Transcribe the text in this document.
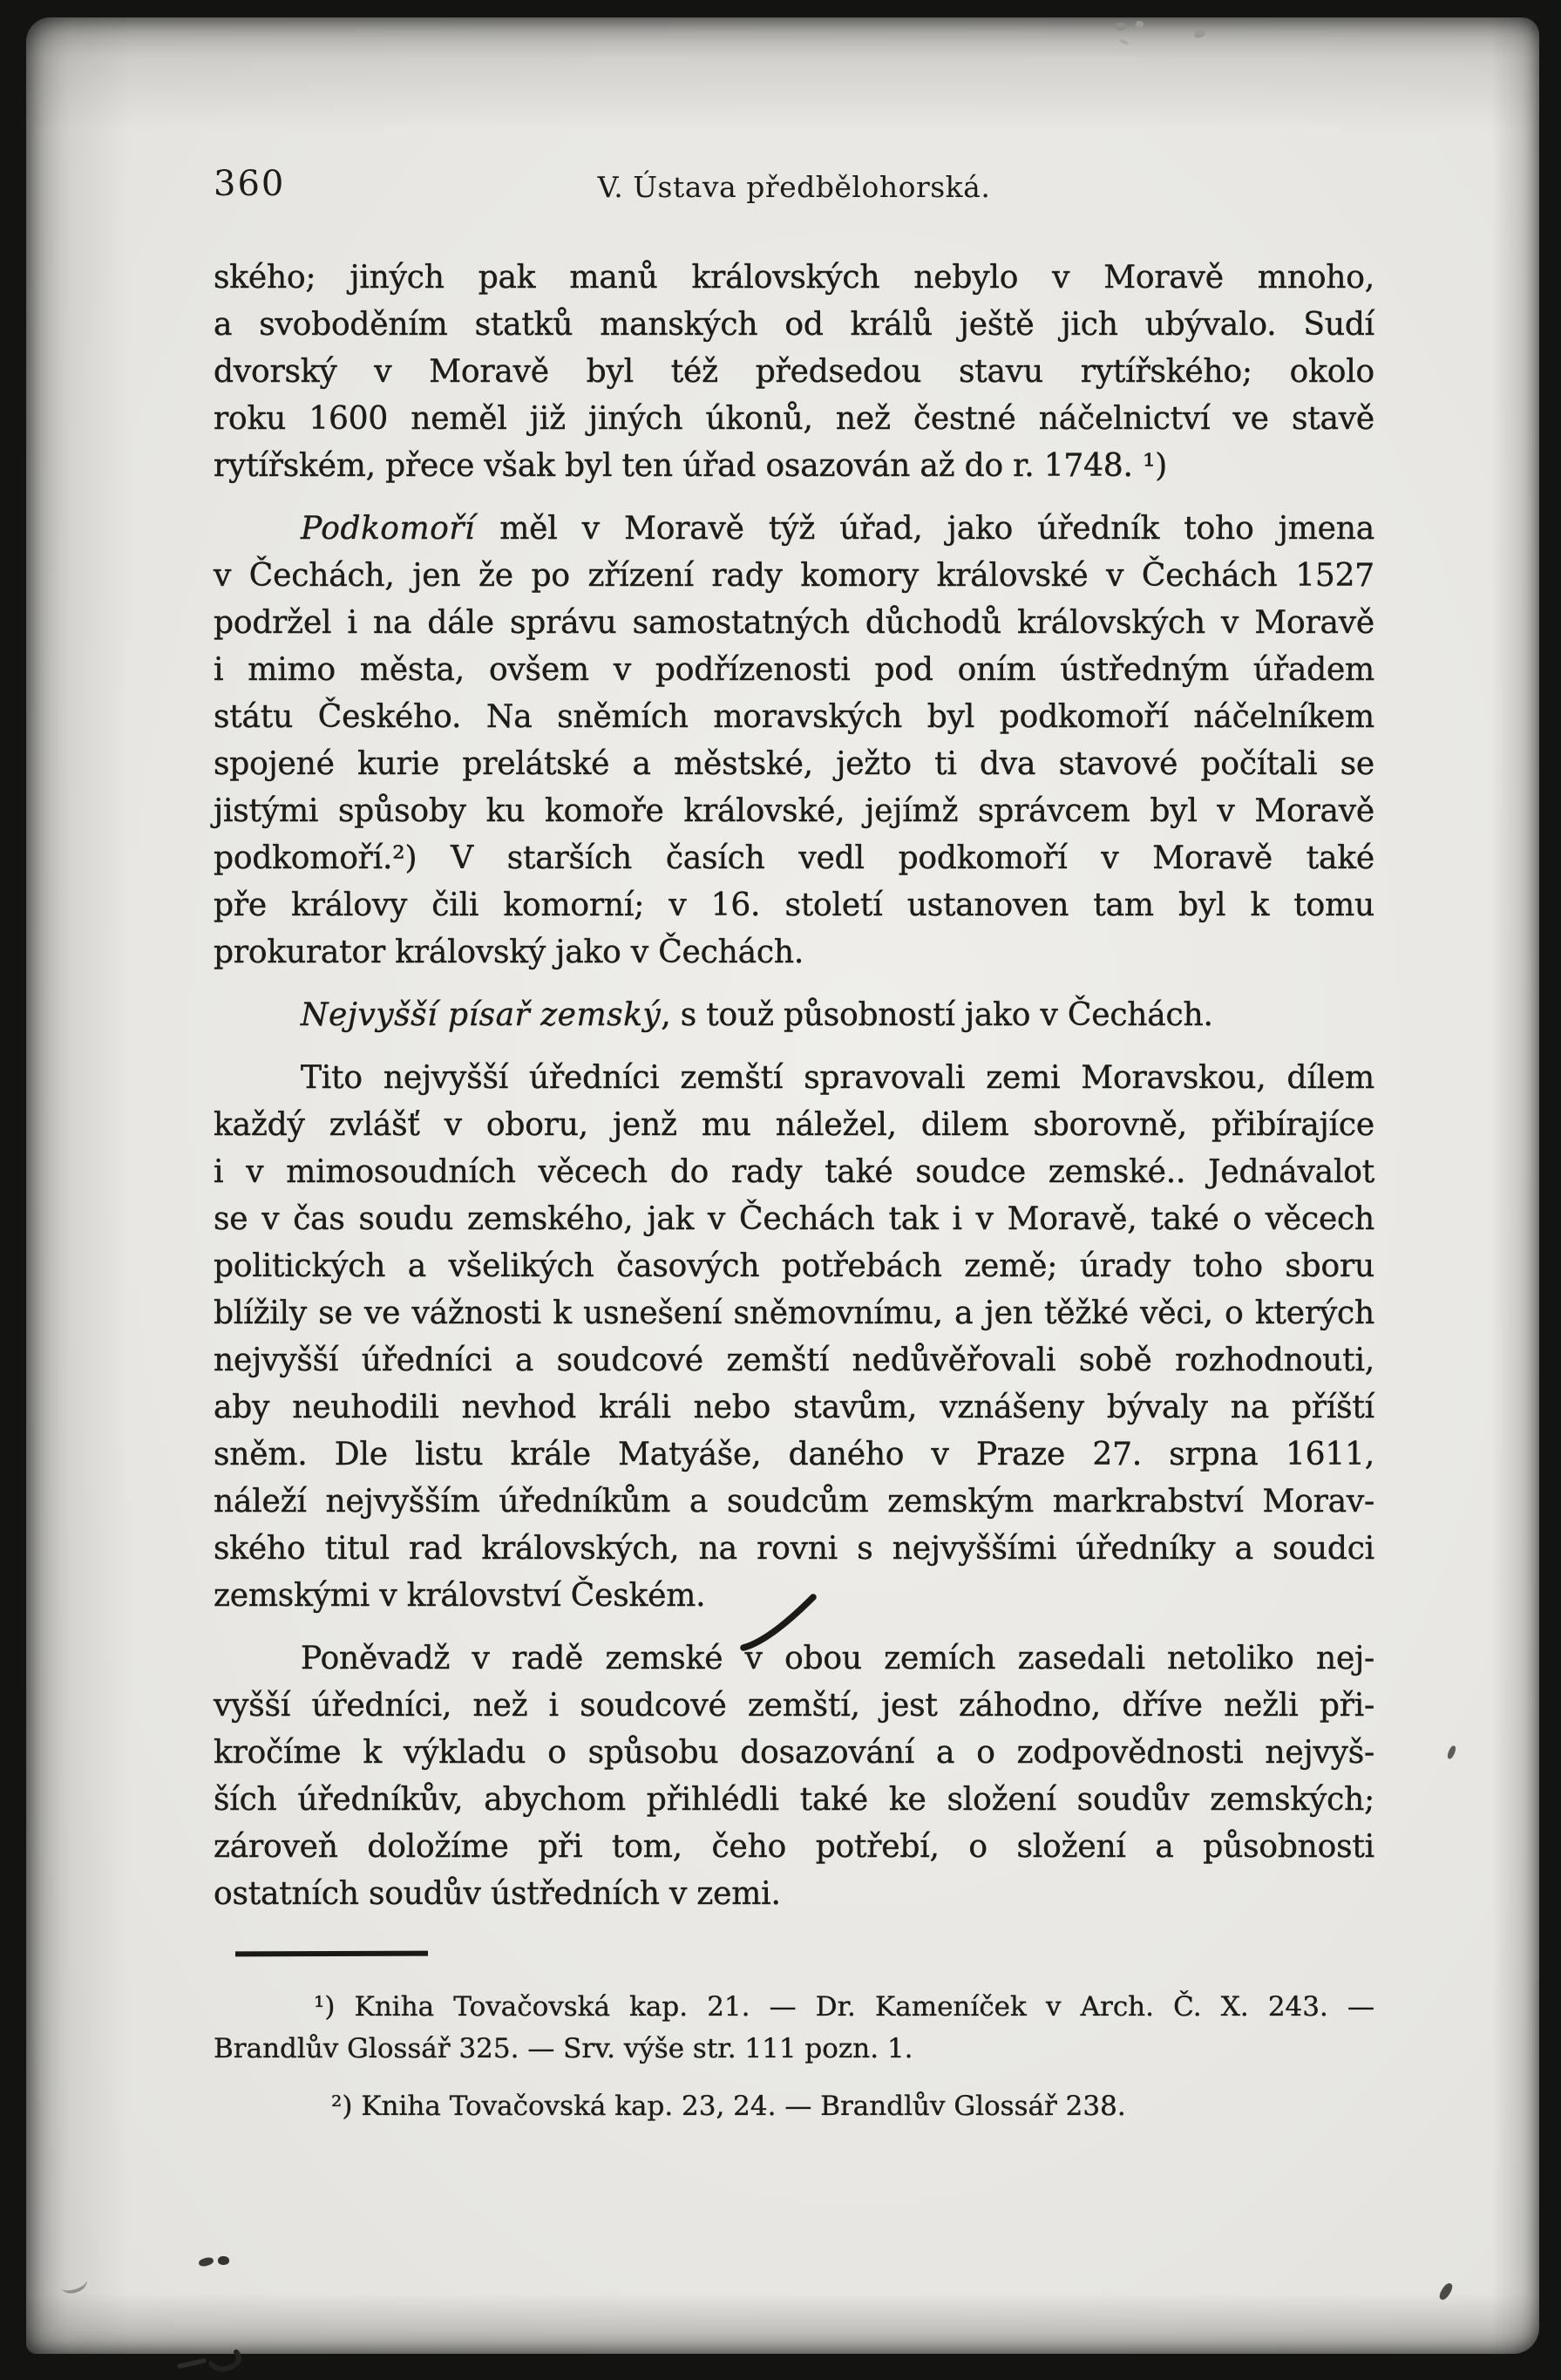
360	V. Ústava předbělohorská.
ského; jiných pak manů královských nebylo v Moravě mnoho,
a svoboděním statků manských od králů ještě jich ubývalo. Sudí
dvorský v Moravě byl též předsedou stavu rytířského; okolo
roku 1600 neměl již jiných úkonů, než čestné náčelnictví ve stavě
rytířském, přece však byl ten úřad osazován až do r. 1748. ¹)
Podkomoří měl v Moravě týž úřad, jako úředník toho jmena
v Čechách, jen že po zřízení rady komory královské v Čechách 1527
podržel i na dále správu samostatných důchodů královských v Moravě
i mimo města, ovšem v podřízenosti pod oním ústředným úřadem
státu Českého. Na sněmích moravských byl podkomoří náčelníkem
spojené kurie prelátské a městské, ježto ti dva stavové počítali se
jistými spůsoby ku komoře královské, jejímž správcem byl v Moravě
podkomoří.²) V starších časích vedl podkomoří v Moravě také
pře královy čili komorní; v 16. století ustanoven tam byl k tomu
prokurator královský jako v Čechách.
Nejvyšší písař zemský, s touž působností jako v Čechách.
Tito nejvyšší úředníci zemští spravovali zemi Moravskou, dílem
každý zvlášť v oboru, jenž mu náležel, dilem sborovně, přibírajíce
i v mimosoudních věcech do rady také soudce zemské.. Jednávalot
se v čas soudu zemského, jak v Čechách tak i v Moravě, také o věcech
politických a všelikých časových potřebách země; úrady toho sboru
blížily se ve vážnosti k usnešení sněmovnímu, a jen těžké věci, o kterých
nejvyšší úředníci a soudcové zemští nedůvěřovali sobě rozhodnouti,
aby neuhodili nevhod králi nebo stavům, vznášeny bývaly na příští
sněm. Dle listu krále Matyáše, daného v Praze 27. srpna 1611,
náleží nejvyšším úředníkům a soudcům zemským markrabství Morav-
ského titul rad královských, na rovni s nejvyššími úředníky a soudci
zemskými v království Českém.
Poněvadž v radě zemské v obou zemích zasedali netoliko nej-
vyšší úředníci, než i soudcové zemští, jest záhodno, dříve nežli při-
kročíme k výkladu o spůsobu dosazování a o zodpovědnosti nejvyš-
ších úředníkův, abychom přihlédli také ke složení soudův zemských;
zároveň doložíme při tom, čeho potřebí, o složení a působnosti
ostatních soudův ústředních v zemi.
¹) Kniha Tovačovská kap. 21. — Dr. Kameníček v Arch. Č. X. 243. —
Brandlův Glossář 325. — Srv. výše str. 111 pozn. 1.
²) Kniha Tovačovská kap. 23, 24. — Brandlův Glossář 238.
